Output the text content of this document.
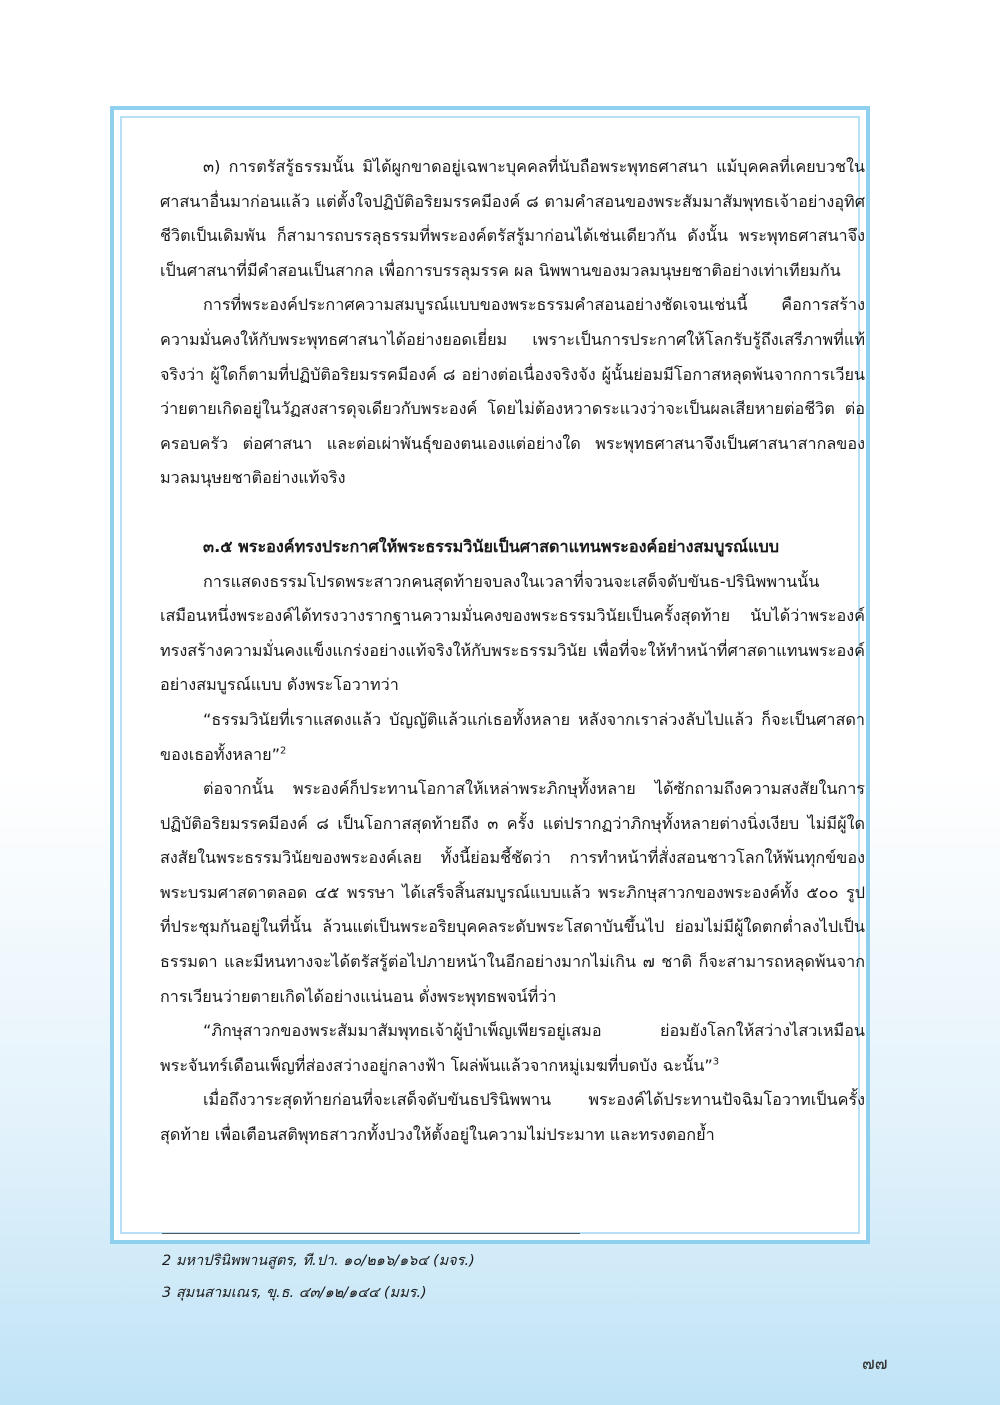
๓) การตรัสรู้ธรรมนั้น มิได้ผูกขาดอยู่เฉพาะบุคคลที่นับถือพระพุทธศาสนา แม้บุคคลที่เคยบวชในศาสนาอื่นมาก่อนแล้ว แต่ตั้งใจปฏิบัติอริยมรรคมีองค์ ๘ ตามคำสอนของพระสัมมาสัมพุทธเจ้าอย่างอุทิศชีวิตเป็นเดิมพัน ก็สามารถบรรลุธรรมที่พระองค์ตรัสรู้มาก่อนได้เช่นเดียวกัน ดังนั้น พระพุทธศาสนาจึงเป็นศาสนาที่มีคำสอนเป็นสากล เพื่อการบรรลุมรรค ผล นิพพานของมวลมนุษยชาติอย่างเท่าเทียมกัน

การที่พระองค์ประกาศความสมบูรณ์แบบของพระธรรมคำสอนอย่างชัดเจนเช่นนี้ คือการสร้างความมั่นคงให้กับพระพุทธศาสนาได้อย่างยอดเยี่ยม เพราะเป็นการประกาศให้โลกรับรู้ถึงเสรีภาพที่แท้จริงว่า ผู้ใดก็ตามที่ปฏิบัติอริยมรรคมีองค์ ๘ อย่างต่อเนื่องจริงจัง ผู้นั้นย่อมมีโอกาสหลุดพ้นจากการเวียนว่ายตายเกิดอยู่ในวัฏสงสารดุจเดียวกับพระองค์ โดยไม่ต้องหวาดระแวงว่าจะเป็นผลเสียหายต่อชีวิต ต่อครอบครัว ต่อศาสนา และต่อเผ่าพันธุ์ของตนเองแต่อย่างใด พระพุทธศาสนาจึงเป็นศาสนาสากลของมวลมนุษยชาติอย่างแท้จริง

๓.๕ พระองค์ทรงประกาศให้พระธรรมวินัยเป็นศาสดาแทนพระองค์อย่างสมบูรณ์แบบ

การแสดงธรรมโปรดพระสาวกคนสุดท้ายจบลงในเวลาที่จวนจะเสด็จดับขันธ-ปรินิพพานนั้น เสมือนหนึ่งพระองค์ได้ทรงวางรากฐานความมั่นคงของพระธรรมวินัยเป็นครั้งสุดท้าย นับได้ว่าพระองค์ทรงสร้างความมั่นคงแข็งแกร่งอย่างแท้จริงให้กับพระธรรมวินัย เพื่อที่จะให้ทำหน้าที่ศาสดาแทนพระองค์อย่างสมบูรณ์แบบ ดังพระโอวาทว่า

“ธรรมวินัยที่เราแสดงแล้ว บัญญัติแล้วแก่เธอทั้งหลาย หลังจากเราล่วงลับไปแล้ว ก็จะเป็นศาสดาของเธอทั้งหลาย”$^2$

ต่อจากนั้น พระองค์ก็ประทานโอกาสให้เหล่าพระภิกษุทั้งหลาย ได้ซักถามถึงความสงสัยในการปฏิบัติอริยมรรคมีองค์ ๘ เป็นโอกาสสุดท้ายถึง ๓ ครั้ง แต่ปรากฏว่าภิกษุทั้งหลายต่างนิ่งเงียบ ไม่มีผู้ใดสงสัยในพระธรรมวินัยของพระองค์เลย ทั้งนี้ย่อมชี้ชัดว่า การทำหน้าที่สั่งสอนชาวโลกให้พ้นทุกข์ของพระบรมศาสดาตลอด ๔๕ พรรษา ได้เสร็จสิ้นสมบูรณ์แบบแล้ว พระภิกษุสาวกของพระองค์ทั้ง ๕๐๐ รูป ที่ประชุมกันอยู่ในที่นั้น ล้วนแต่เป็นพระอริยบุคคลระดับพระโสดาบันขึ้นไป ย่อมไม่มีผู้ใดตกต่ำลงไปเป็นธรรมดา และมีหนทางจะได้ตรัสรู้ต่อไปภายหน้าในอีกอย่างมากไม่เกิน ๗ ชาติ ก็จะสามารถหลุดพ้นจากการเวียนว่ายตายเกิดได้อย่างแน่นอน ดั่งพระพุทธพจน์ที่ว่า

“ภิกษุสาวกของพระสัมมาสัมพุทธเจ้าผู้บำเพ็ญเพียรอยู่เสมอ ย่อมยังโลกให้สว่างไสวเหมือนพระจันทร์เดือนเพ็ญที่ส่องสว่างอยู่กลางฟ้า โผล่พ้นแล้วจากหมู่เมฆที่บดบัง ฉะนั้น”$^3$

เมื่อถึงวาระสุดท้ายก่อนที่จะเสด็จดับขันธปรินิพพาน พระองค์ได้ประทานปัจฉิมโอวาทเป็นครั้งสุดท้าย เพื่อเตือนสติพุทธสาวกทั้งปวงให้ตั้งอยู่ในความไม่ประมาท และทรงตอกย้ำ

2 มหาปรินิพพานสูตร, ที.ปา. ๑๐/๒๑๖/๑๖๔ (มจร.)
3 สุมนสามเณร, ขุ.ธ. ๔๓/๑๒/๑๔๔ (มมร.)
๗๗
